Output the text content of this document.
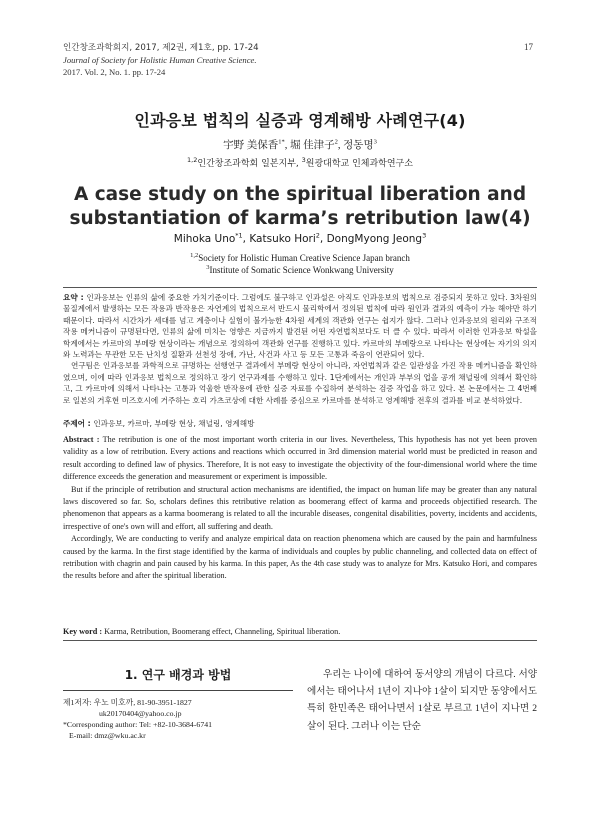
인간창조과학회지, 2017, 제2권, 제1호, pp. 17-24
Journal of Society for Holistic Human Creative Science.
2017. Vol. 2, No. 1. pp. 17-24
17
인과응보 법칙의 실증과 영계해방 사례연구(4)
宇野 美保香$^{1*}$, 堀 佳津子$^2$, 정동명$^3$
$^{1,2}$인간창조과학회 일본지부, $^3$원광대학교 인체과학연구소
A case study on the spiritual liberation and
substantiation of karma’s retribution law(4)
Mihoka Uno$^{*1}$, Katsuko Hori$^2$, DongMyong Jeong$^3$
$^{1,2}$Society for Holistic Human Creative Science Japan branch
$^3$Institute of Somatic Science Wonkwang University

요약 : 인과응보는 인류의 삶에 중요한 가치기준이다. 그럼에도 불구하고 인과설은 아직도 인과응보의 법칙으로 검증되지 못하고 있다. 3차원의 물질계에서 발생하는 모든 작용과 반작용은 자연계의 법칙으로서 반드시 물리학에서 정의된 법칙에 따라 원인과 결과의 예측이 가능 해야만 하기 때문이다. 따라서 시간차가 세대를 넘고 계층이나 실험이 불가능한 4차원 세계의 객관화 연구는 쉽지가 않다. 그러나 인과응보의 원리와 구조적 작용 메커니즘이 규명된다면, 인류의 삶에 미치는 영향은 지금까지 발견된 어떤 자연법칙보다도 더 클 수 있다. 따라서 이러한 인과응보 학설을 학계에서는 카르마의 부메랑 현상이라는 개념으로 정의하여 객관화 연구를 진행하고 있다. 카르마의 부메랑으로 나타나는 현상에는 자기의 의지와 노력과는 무관한 모든 난치성 질환과 선천성 장애, 가난, 사건과 사고 등 모든 고통과 죽음이 연관되어 있다.

연구팀은 인과응보를 과학적으로 규명하는 선행연구 결과에서 부메랑 현상이 아니라, 자연법칙과 같은 일관성을 가진 작용 메커니즘을 확인하였으며, 이에 따라 인과응보 법칙으로 정의하고 장기 연구과제를 수행하고 있다. 1단계에서는 개인과 부부의 업을 공개 채널링에 의해서 확인하고, 그 카르마에 의해서 나타나는 고통과 억울한 반작용에 관한 실증 자료를 수집하여 분석하는 검증 작업을 하고 있다. 본 논문에서는 그 4번째로 일본의 거후현 미즈호시에 거주하는 호리 가츠코상에 대한 사례를 중심으로 카르마를 분석하고 영계해방 전후의 결과를 비교 분석하였다.

주제어 : 인과응보, 카르마, 부메랑 현상, 채널링, 영계해방

Abstract : The retribution is one of the most important worth criteria in our lives. Nevertheless, This hypothesis has not yet been proven validity as a low of retribution. Every actions and reactions which occurred in 3rd dimension material world must be predicted in reason and result according to defined law of physics. Therefore, It is not easy to investigate the objectivity of the four-dimensional world where the time difference exceeds the generation and measurement or experiment is impossible.

But if the principle of retribution and structural action mechanisms are identified, the impact on human life may be greater than any natural laws discovered so far. So, scholars defines this retributive relation as boomerang effect of karma and proceeds objectified research. The phenomenon that appears as a karma boomerang is related to all the incurable diseases, congenital disabilities, poverty, incidents and accidents, irrespective of one's own will and effort, all suffering and death.

Accordingly, We are conducting to verify and analyze empirical data on reaction phenomena which are caused by the pain and harmfulness caused by the karma. In the first stage identified by the karma of individuals and couples by public channeling, and collected data on effect of retribution with chagrin and pain caused by his karma. In this paper, As the 4th case study was to analyze for Mrs. Katsuko Hori, and compares the results before and after the spiritual liberation.

Key word : Karma, Retribution, Boomerang effect, Channeling, Spiritual liberation.

1. 연구 배경과 방법
제1저자: 우노 미호까, 81-90-3951-1827
uk20170404@yahoo.co.jp
*Corresponding author: Tel: +82-10-3684-6741
E-mail: dmz@wku.ac.kr

우리는 나이에 대하여 동서양의 개념이 다르다. 서양에서는 태어나서 1년이 지나야 1살이 되지만 동양에서도 특히 한민족은 태어나면서 1살로 부르고 1년이 지나면 2살이 된다. 그러나 이는 단순
